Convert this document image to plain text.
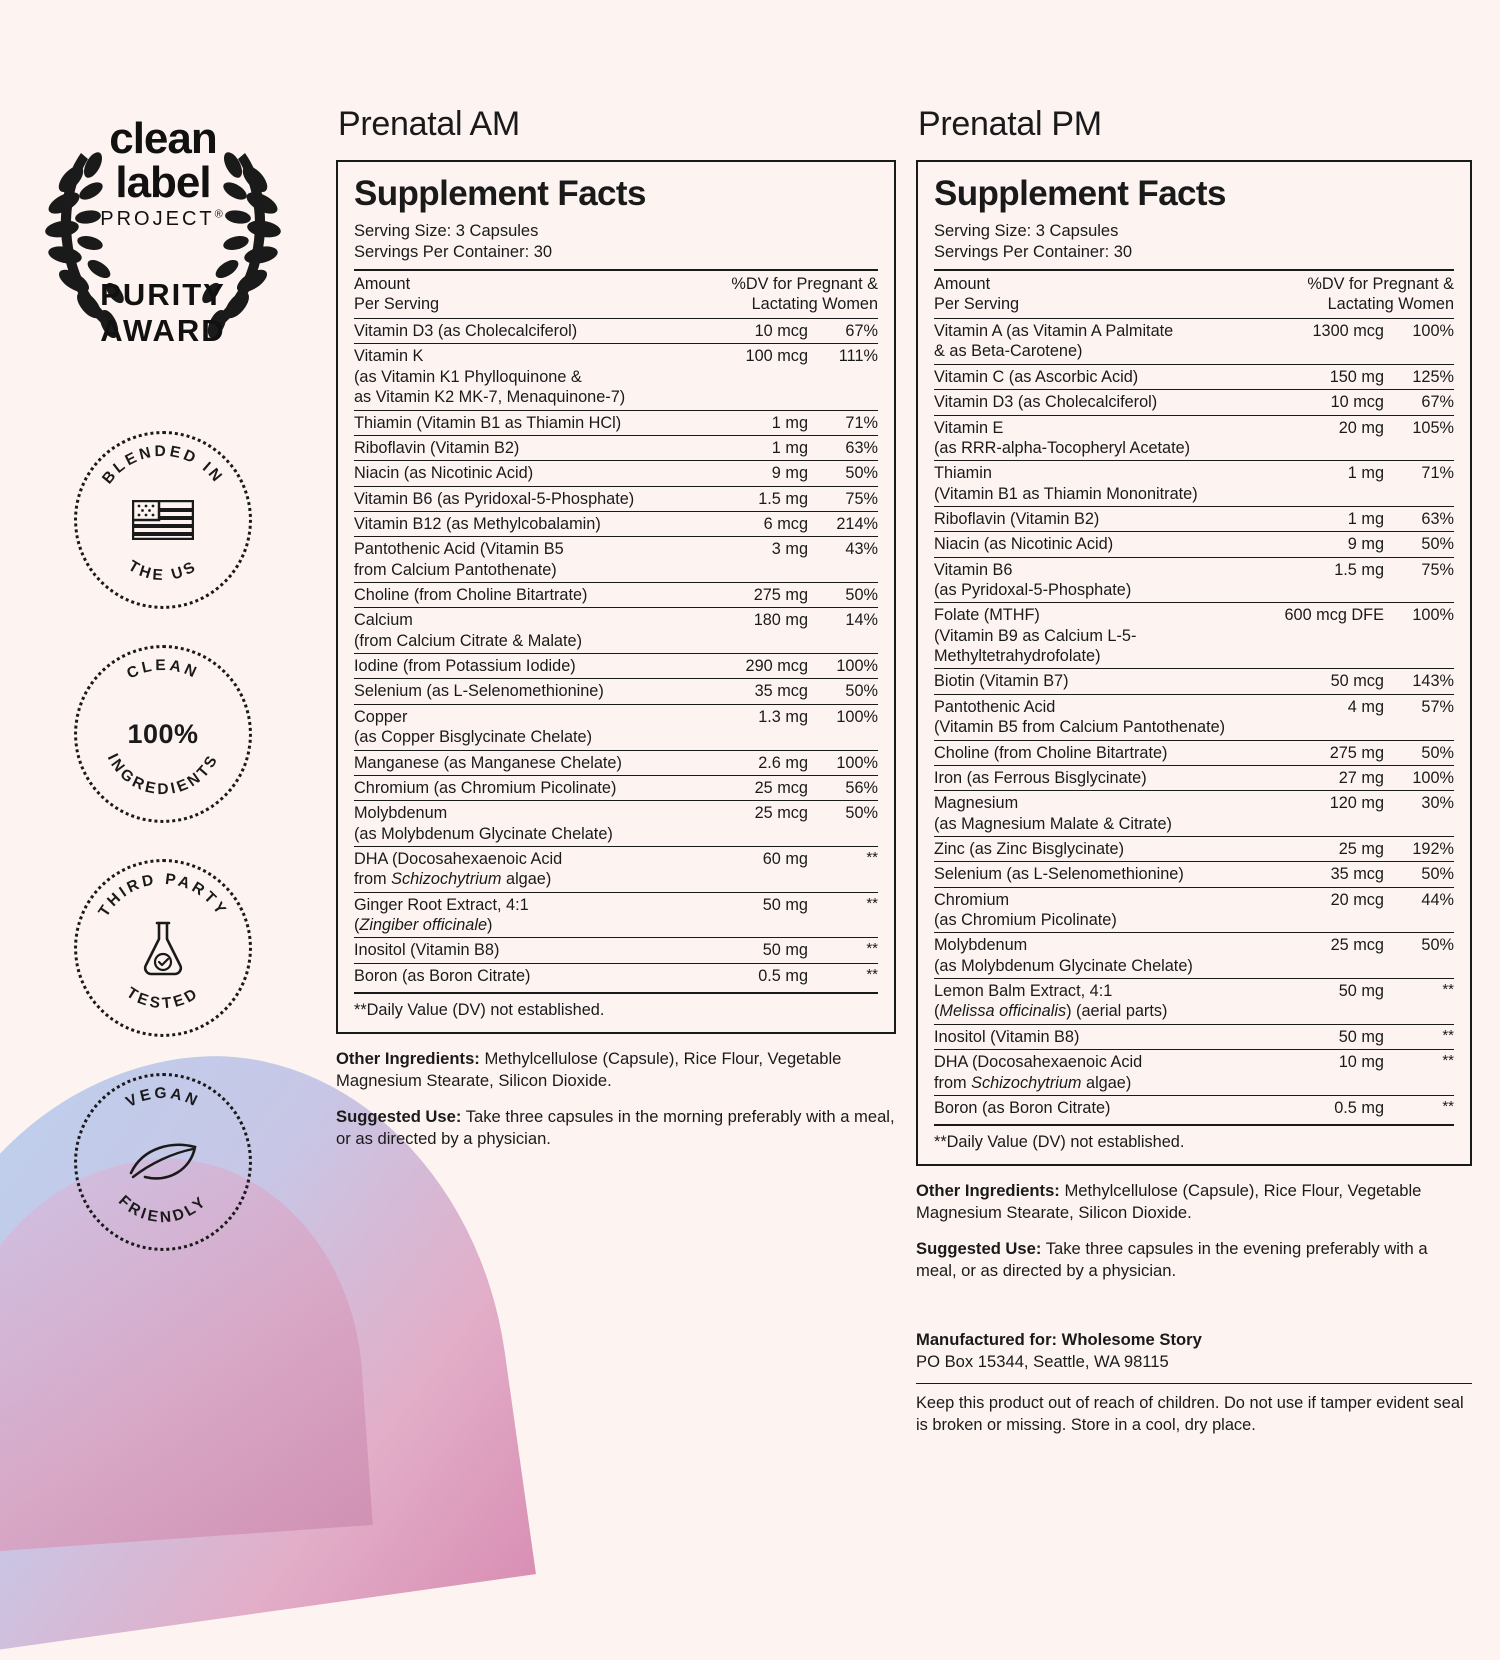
clean
label
PROJECT®
PURITY
AWARD
BLENDED IN
THE US
CLEAN
INGREDIENTS
100%
THIRD PARTY
TESTED
VEGAN
FRIENDLY
Prenatal AM
Supplement Facts
Serving Size: 3 Capsules
Servings Per Container: 30
Amount
Per Serving	%DV for Pregnant &
Lactating Women	

Vitamin D3 (as Cholecalciferol)	10 mcg	67%
Vitamin K
(as Vitamin K1 Phylloquinone &
as Vitamin K2 MK-7, Menaquinone-7)	100 mcg	111%
Thiamin (Vitamin B1 as Thiamin HCl)	1 mg	71%
Riboflavin (Vitamin B2)	1 mg	63%
Niacin (as Nicotinic Acid)	9 mg	50%
Vitamin B6 (as Pyridoxal-5-Phosphate)	1.5 mg	75%
Vitamin B12 (as Methylcobalamin)	6 mcg	214%
Pantothenic Acid (Vitamin B5
from Calcium Pantothenate)	3 mg	43%
Choline (from Choline Bitartrate)	275 mg	50%
Calcium
(from Calcium Citrate & Malate)	180 mg	14%
Iodine (from Potassium Iodide)	290 mcg	100%
Selenium (as L-Selenomethionine)	35 mcg	50%
Copper
(as Copper Bisglycinate Chelate)	1.3 mg	100%
Manganese (as Manganese Chelate)	2.6 mg	100%
Chromium (as Chromium Picolinate)	25 mcg	56%
Molybdenum
(as Molybdenum Glycinate Chelate)	25 mcg	50%
DHA (Docosahexaenoic Acid
from Schizochytrium algae)	60 mg	**
Ginger Root Extract, 4:1
(Zingiber officinale)	50 mg	**
Inositol (Vitamin B8)	50 mg	**
Boron (as Boron Citrate)	0.5 mg	**
**Daily Value (DV) not established.

Other Ingredients: Methylcellulose (Capsule), Rice Flour, Vegetable Magnesium Stearate, Silicon Dioxide.

Suggested Use: Take three capsules in the morning preferably with a meal, or as directed by a physician.

Prenatal PM
Supplement Facts
Serving Size: 3 Capsules
Servings Per Container: 30
Amount
Per Serving	%DV for Pregnant &
Lactating Women	

Vitamin A (as Vitamin A Palmitate
& as Beta-Carotene)	1300 mcg	100%
Vitamin C (as Ascorbic Acid)	150 mg	125%
Vitamin D3 (as Cholecalciferol)	10 mcg	67%
Vitamin E
(as RRR-alpha-Tocopheryl Acetate)	20 mg	105%
Thiamin
(Vitamin B1 as Thiamin Mononitrate)	1 mg	71%
Riboflavin (Vitamin B2)	1 mg	63%
Niacin (as Nicotinic Acid)	9 mg	50%
Vitamin B6
(as Pyridoxal-5-Phosphate)	1.5 mg	75%
Folate (MTHF)
(Vitamin B9 as Calcium L-5-Methyltetrahydrofolate)	600 mcg DFE	100%
Biotin (Vitamin B7)	50 mcg	143%
Pantothenic Acid
(Vitamin B5 from Calcium Pantothenate)	4 mg	57%
Choline (from Choline Bitartrate)	275 mg	50%
Iron (as Ferrous Bisglycinate)	27 mg	100%
Magnesium
(as Magnesium Malate & Citrate)	120 mg	30%
Zinc (as Zinc Bisglycinate)	25 mg	192%
Selenium (as L-Selenomethionine)	35 mcg	50%
Chromium
(as Chromium Picolinate)	20 mcg	44%
Molybdenum
(as Molybdenum Glycinate Chelate)	25 mcg	50%
Lemon Balm Extract, 4:1
(Melissa officinalis) (aerial parts)	50 mg	**
Inositol (Vitamin B8)	50 mg	**
DHA (Docosahexaenoic Acid
from Schizochytrium algae)	10 mg	**
Boron (as Boron Citrate)	0.5 mg	**
**Daily Value (DV) not established.

Other Ingredients: Methylcellulose (Capsule), Rice Flour, Vegetable Magnesium Stearate, Silicon Dioxide.

Suggested Use: Take three capsules in the evening preferably with a meal, or as directed by a physician.

Manufactured for: Wholesome Story
PO Box 15344, Seattle, WA 98115
Keep this product out of reach of children. Do not use if tamper evident seal is broken or missing. Store in a cool, dry place.
